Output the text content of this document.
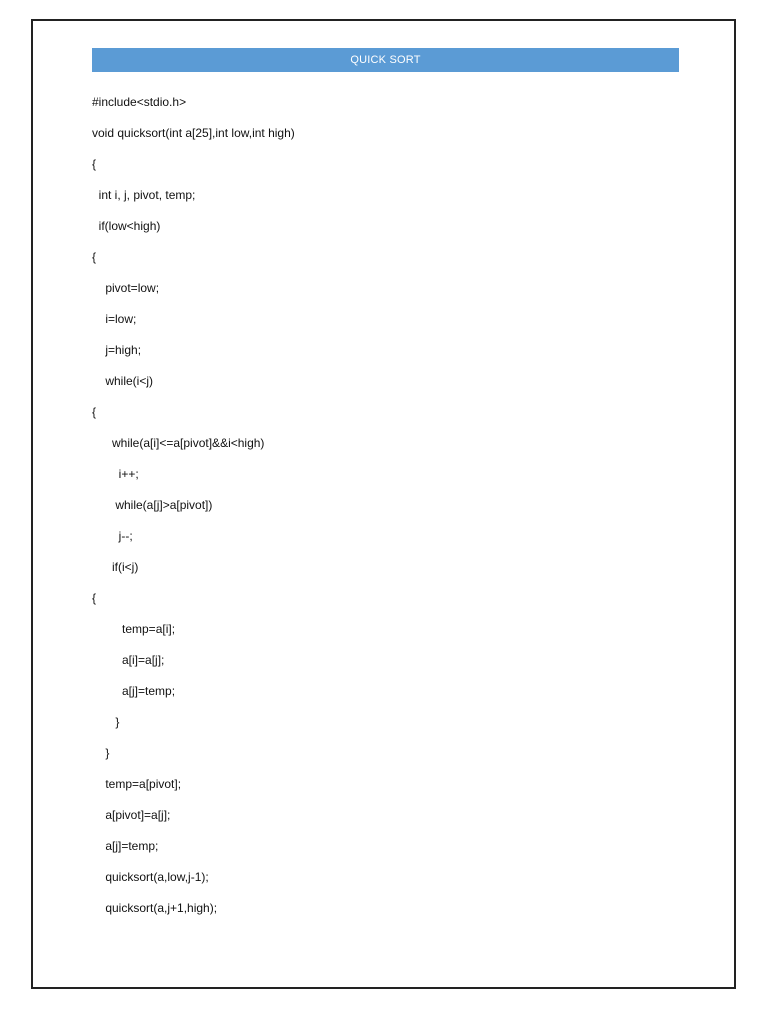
QUICK SORT
#include<stdio.h>
void quicksort(int a[25],int low,int high)
{
int i, j, pivot, temp;
if(low<high)
{
pivot=low;
i=low;
j=high;
while(i<j)
{
while(a[i]<=a[pivot]&&i<high)
i++;
while(a[j]>a[pivot])
j--;
if(i<j)
{
temp=a[i];
a[i]=a[j];
a[j]=temp;
}
}
temp=a[pivot];
a[pivot]=a[j];
a[j]=temp;
quicksort(a,low,j-1);
quicksort(a,j+1,high);
